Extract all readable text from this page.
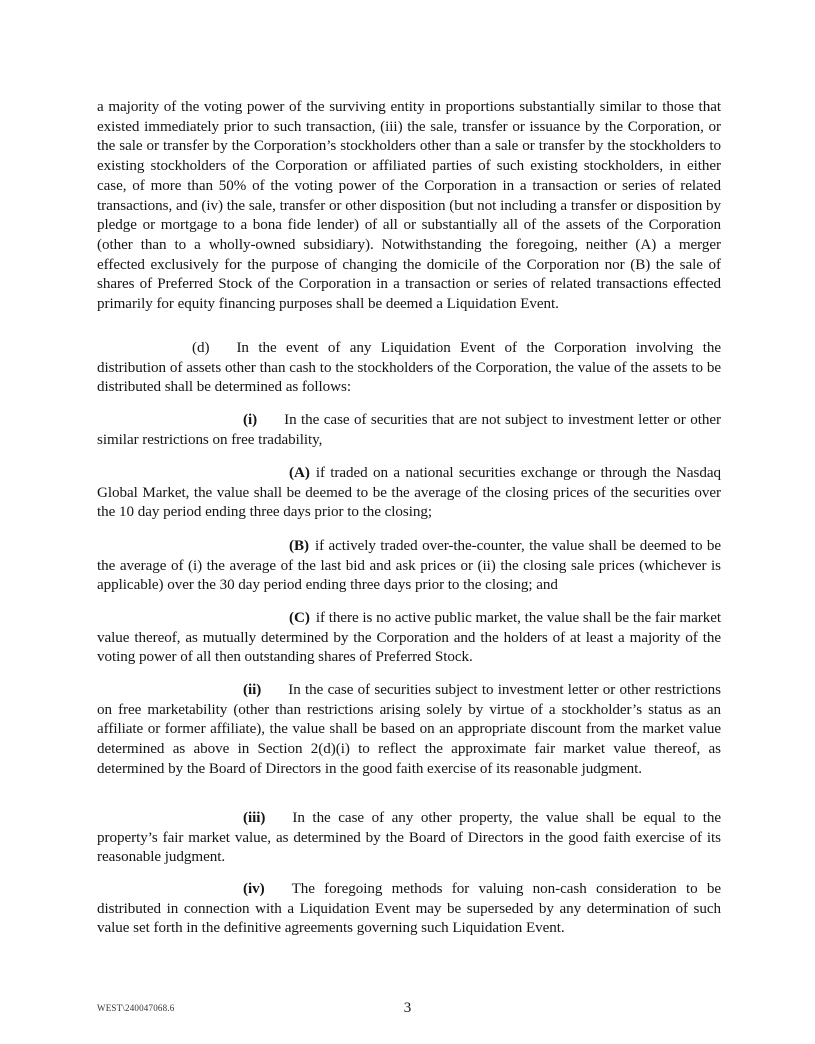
a majority of the voting power of the surviving entity in proportions substantially similar to those that existed immediately prior to such transaction, (iii) the sale, transfer or issuance by the Corporation, or the sale or transfer by the Corporation’s stockholders other than a sale or transfer by the stockholders to existing stockholders of the Corporation or affiliated parties of such existing stockholders, in either case, of more than 50% of the voting power of the Corporation in a transaction or series of related transactions, and (iv) the sale, transfer or other disposition (but not including a transfer or disposition by pledge or mortgage to a bona fide lender) of all or substantially all of the assets of the Corporation (other than to a wholly-owned subsidiary). Notwithstanding the foregoing, neither (A) a merger effected exclusively for the purpose of changing the domicile of the Corporation nor (B) the sale of shares of Preferred Stock of the Corporation in a transaction or series of related transactions effected primarily for equity financing purposes shall be deemed a Liquidation Event.

(d) In the event of any Liquidation Event of the Corporation involving the distribution of assets other than cash to the stockholders of the Corporation, the value of the assets to be distributed shall be determined as follows:

(i) In the case of securities that are not subject to investment letter or other similar restrictions on free tradability,

(A) if traded on a national securities exchange or through the Nasdaq Global Market, the value shall be deemed to be the average of the closing prices of the securities over the 10 day period ending three days prior to the closing;

(B) if actively traded over-the-counter, the value shall be deemed to be the average of (i) the average of the last bid and ask prices or (ii) the closing sale prices (whichever is applicable) over the 30 day period ending three days prior to the closing; and

(C) if there is no active public market, the value shall be the fair market value thereof, as mutually determined by the Corporation and the holders of at least a majority of the voting power of all then outstanding shares of Preferred Stock.

(ii) In the case of securities subject to investment letter or other restrictions on free marketability (other than restrictions arising solely by virtue of a stockholder’s status as an affiliate or former affiliate), the value shall be based on an appropriate discount from the market value determined as above in Section 2(d)(i) to reflect the approximate fair market value thereof, as determined by the Board of Directors in the good faith exercise of its reasonable judgment.

(iii) In the case of any other property, the value shall be equal to the property’s fair market value, as determined by the Board of Directors in the good faith exercise of its reasonable judgment.

(iv) The foregoing methods for valuing non-cash consideration to be distributed in connection with a Liquidation Event may be superseded by any determination of such value set forth in the definitive agreements governing such Liquidation Event.

WEST\240047068.6	3
